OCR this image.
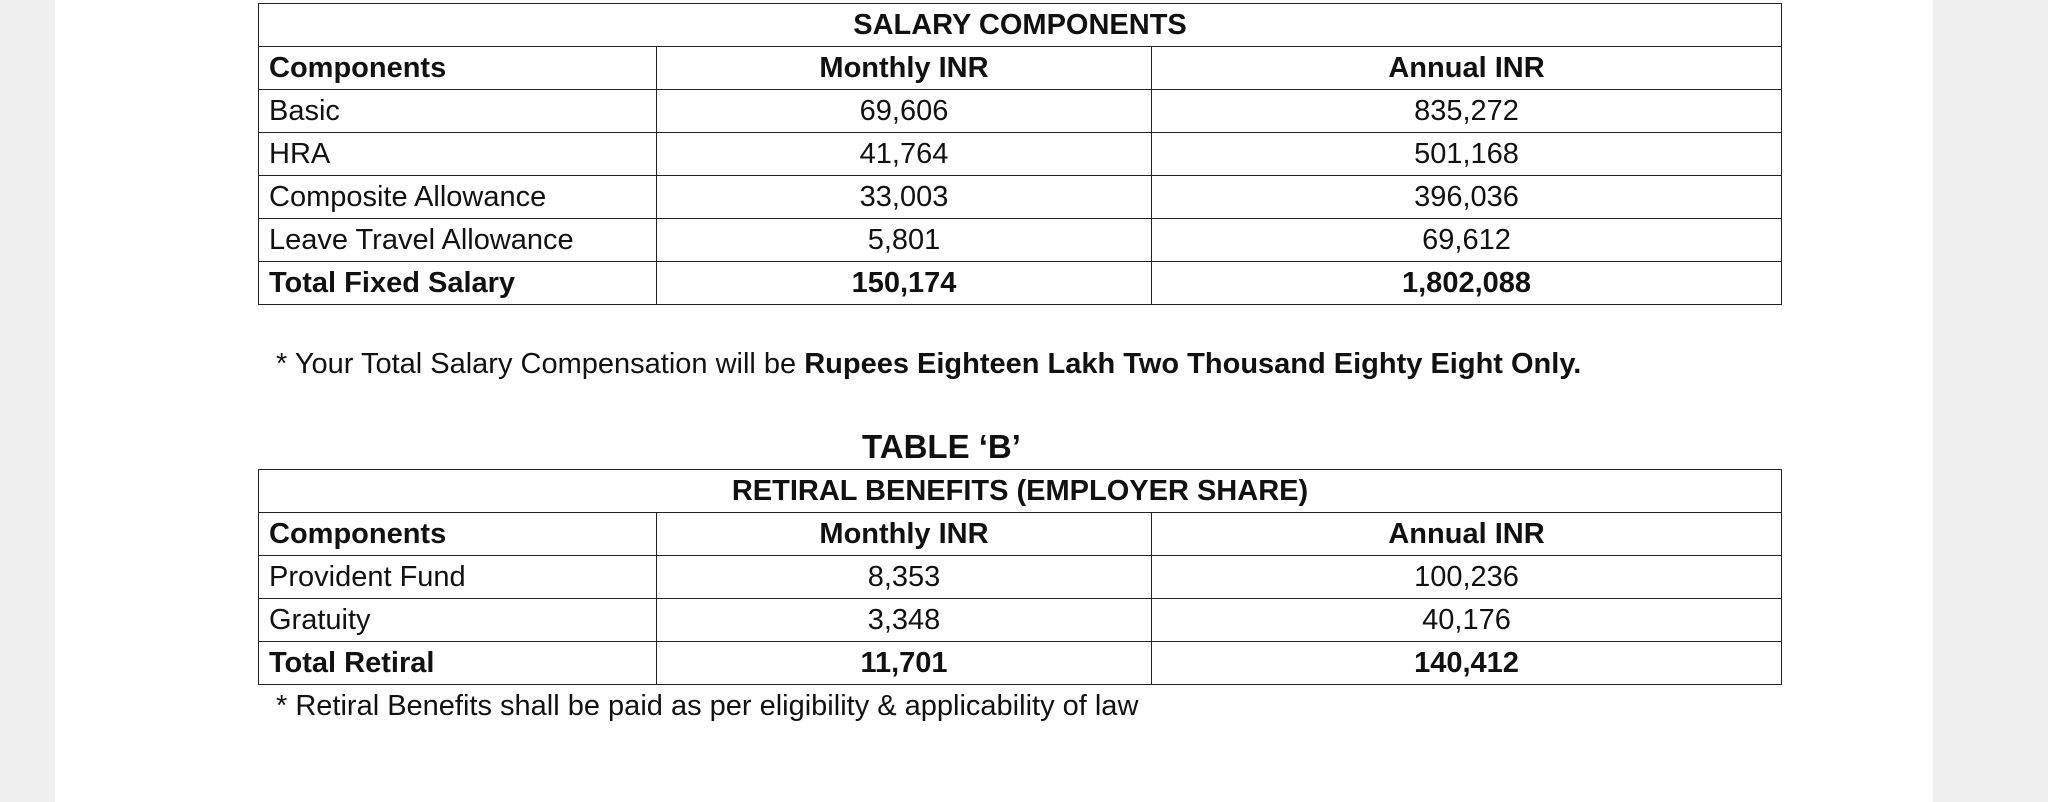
SALARY COMPONENTS		
Components	Monthly INR	Annual INR
Basic	69,606	835,272
HRA	41,764	501,168
Composite Allowance	33,003	396,036
Leave Travel Allowance	5,801	69,612
Total Fixed Salary	150,174	1,802,088
* Your Total Salary Compensation will be Rupees Eighteen Lakh Two Thousand Eighty Eight Only.
TABLE ‘B’
RETIRAL BENEFITS (EMPLOYER SHARE)		
Components	Monthly INR	Annual INR
Provident Fund	8,353	100,236
Gratuity	3,348	40,176
Total Retiral	11,701	140,412
* Retiral Benefits shall be paid as per eligibility & applicability of law
